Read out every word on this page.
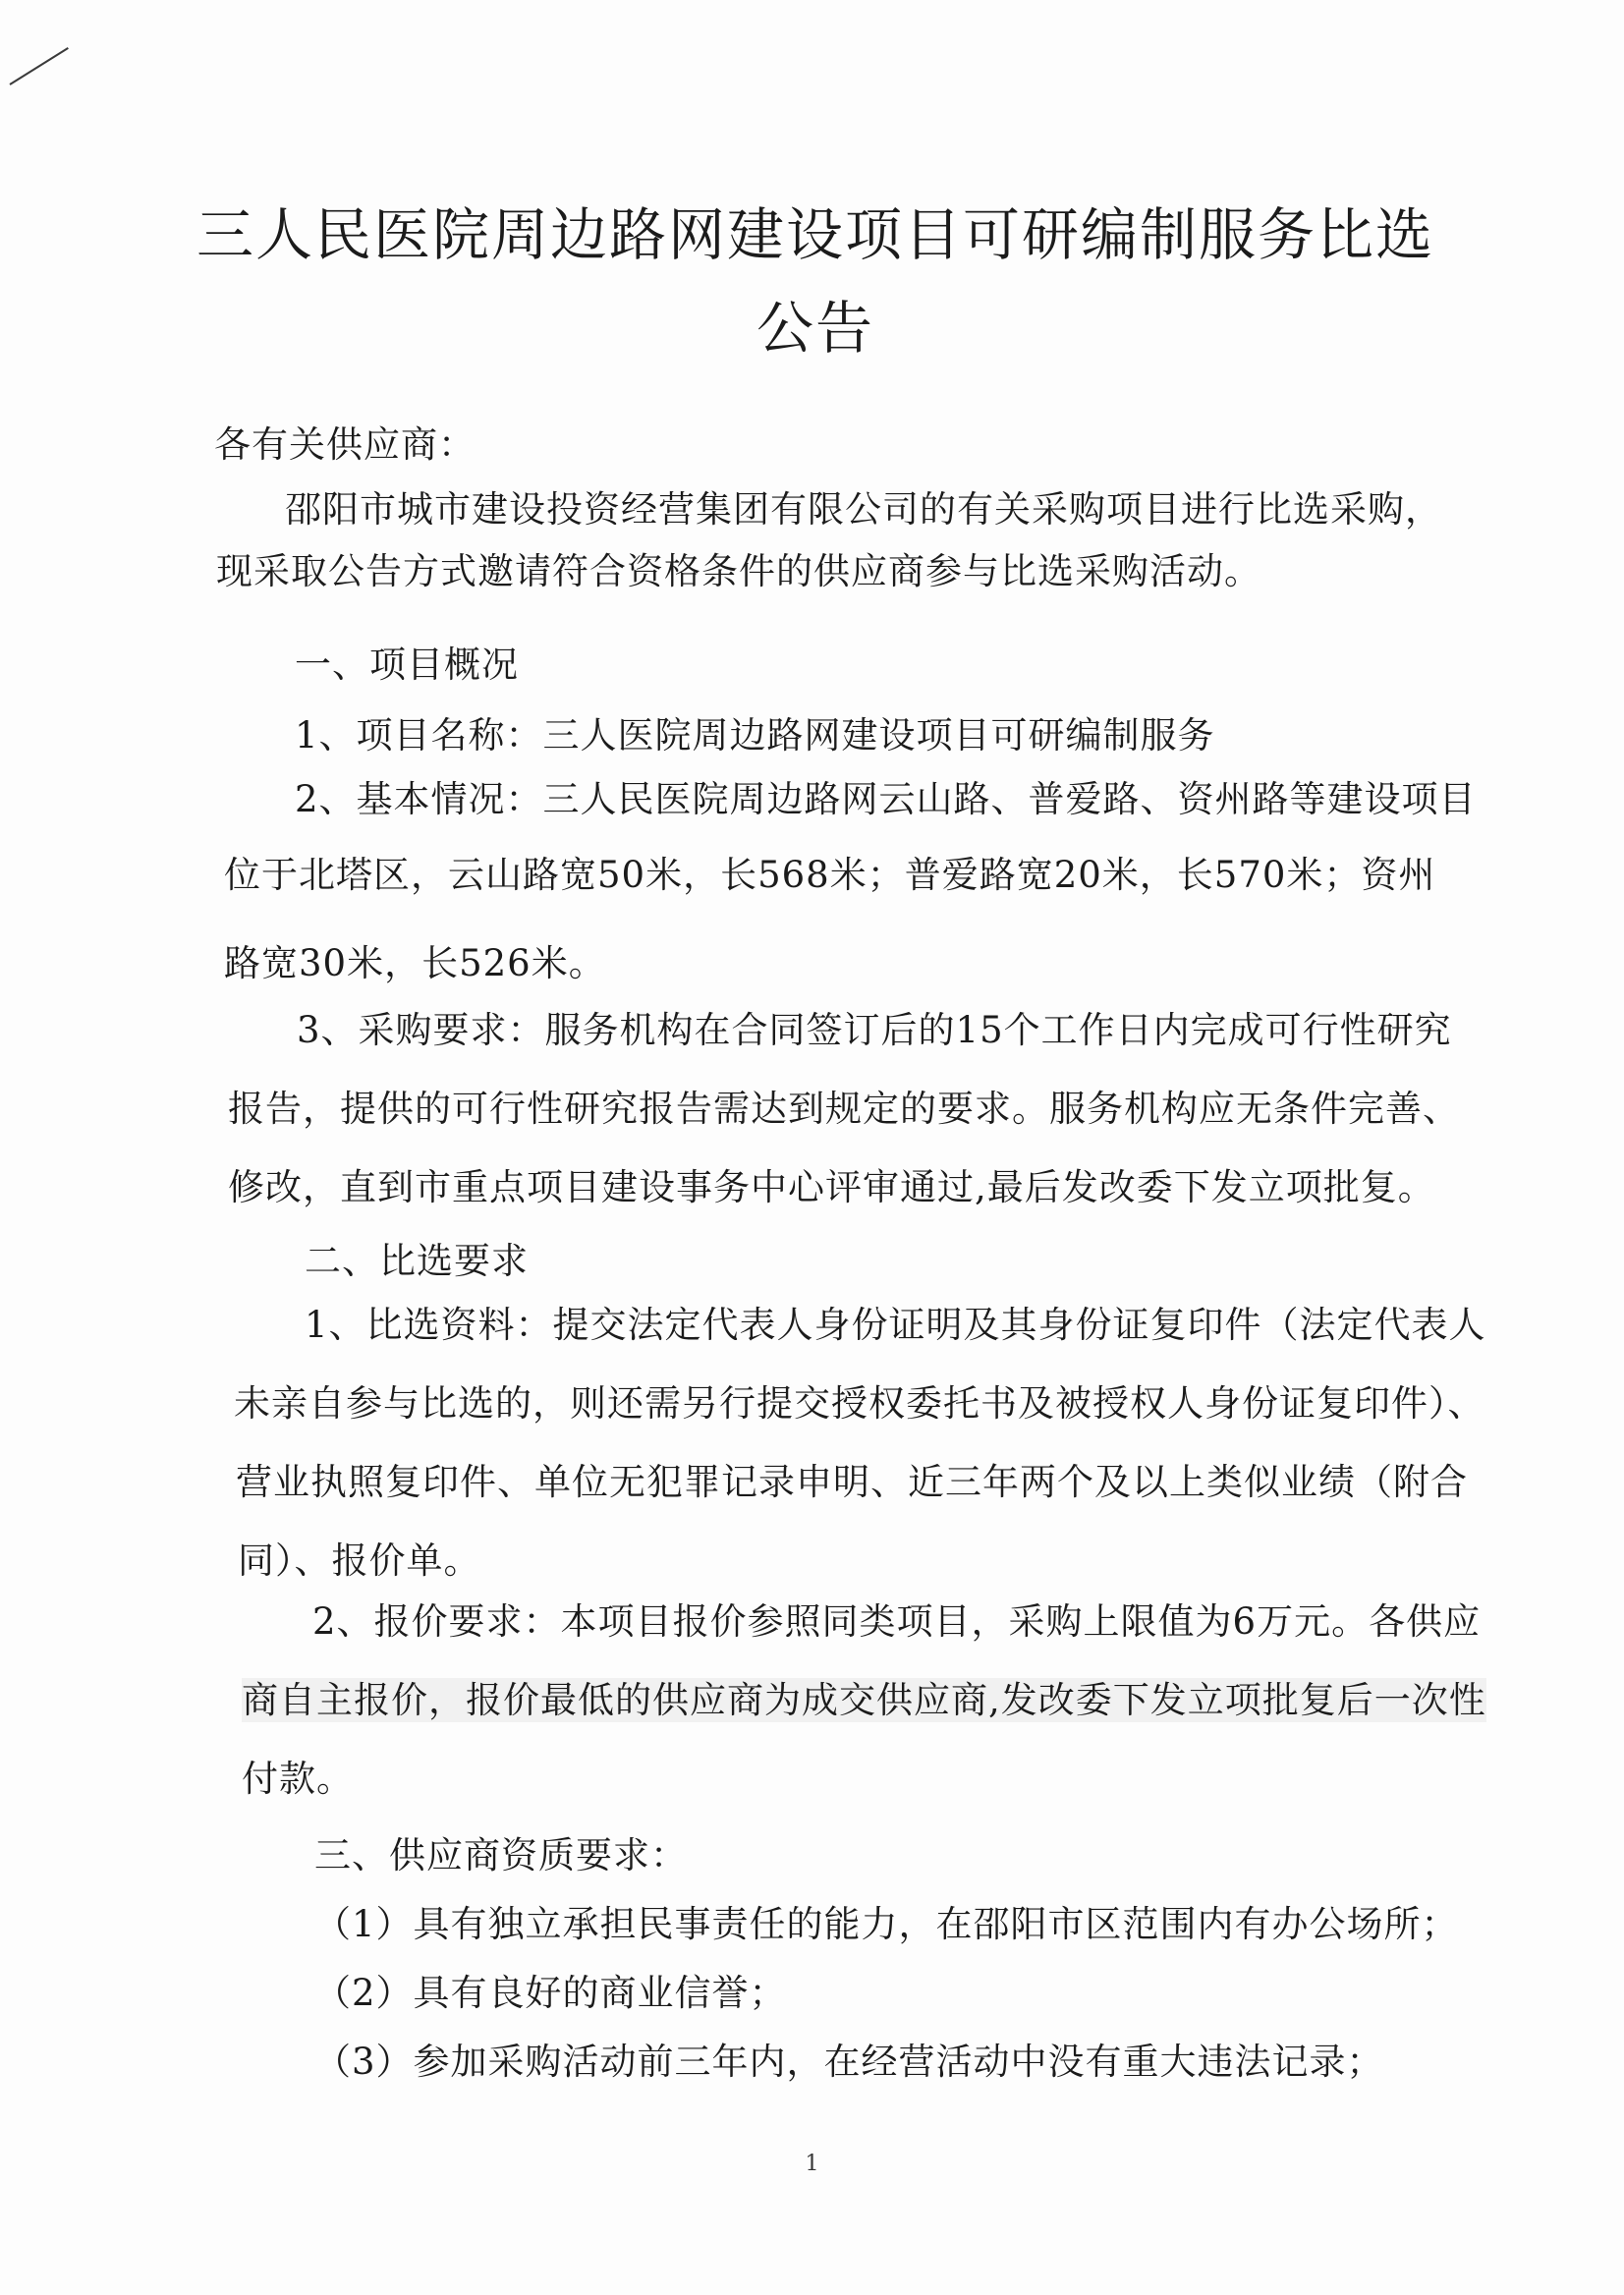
三人民医院周边路网建设项目可研编制服务比选
公告
各有关供应商：
邵阳市城市建设投资经营集团有限公司的有关采购项目进行比选采购，
现采取公告方式邀请符合资格条件的供应商参与比选采购活动。
一、项目概况
1、项目名称：三人医院周边路网建设项目可研编制服务
2、基本情况：三人民医院周边路网云山路、普爱路、资州路等建设项目
位于北塔区，云山路宽50米，长568米；普爱路宽20米，长570米；资州
路宽30米，长526米。
3、采购要求：服务机构在合同签订后的15个工作日内完成可行性研究
报告，提供的可行性研究报告需达到规定的要求。服务机构应无条件完善、
修改，直到市重点项目建设事务中心评审通过,最后发改委下发立项批复。
二、比选要求
1、比选资料：提交法定代表人身份证明及其身份证复印件（法定代表人
未亲自参与比选的，则还需另行提交授权委托书及被授权人身份证复印件）、
营业执照复印件、单位无犯罪记录申明、近三年两个及以上类似业绩（附合
同）、报价单。
2、报价要求：本项目报价参照同类项目，采购上限值为6万元。各供应
商自主报价，报价最低的供应商为成交供应商,发改委下发立项批复后一次性
付款。
三、供应商资质要求：
（1）具有独立承担民事责任的能力，在邵阳市区范围内有办公场所；
（2）具有良好的商业信誉；
（3）参加采购活动前三年内，在经营活动中没有重大违法记录；
1
